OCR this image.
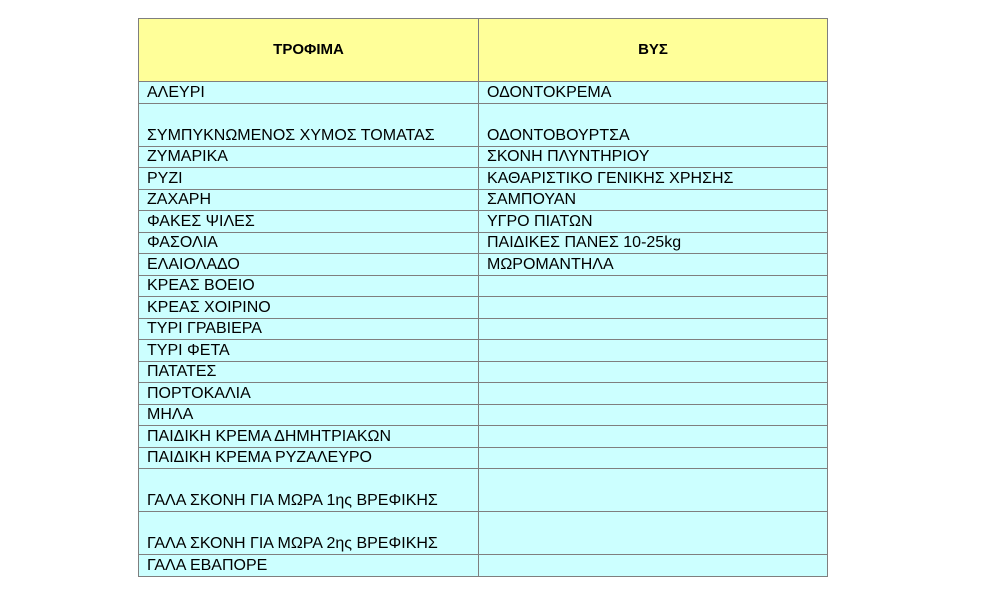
ΤΡΟΦΙΜΑ	ΒΥΣ
ΑΛΕΥΡΙ	ΟΔΟΝΤΟΚΡΕΜΑ
ΣΥΜΠΥΚΝΩΜΕΝΟΣ ΧΥΜΟΣ ΤΟΜΑΤΑΣ	ΟΔΟΝΤΟΒΟΥΡΤΣΑ
ΖΥΜΑΡΙΚΑ	ΣΚΟΝΗ ΠΛΥΝΤΗΡΙΟΥ
ΡΥΖΙ	ΚΑΘΑΡΙΣΤΙΚΟ ΓΕΝΙΚΗΣ ΧΡΗΣΗΣ
ΖΑΧΑΡΗ	ΣΑΜΠΟΥΑΝ
ΦΑΚΕΣ ΨΙΛΕΣ	ΥΓΡΟ ΠΙΑΤΩΝ
ΦΑΣΟΛΙΑ	ΠΑΙΔΙΚΕΣ ΠΑΝΕΣ 10-25kg
ΕΛΑΙΟΛΑΔΟ	ΜΩΡΟΜΑΝΤΗΛΑ
ΚΡΕΑΣ ΒΟΕΙΟ	
ΚΡΕΑΣ ΧΟΙΡΙΝΟ	
ΤΥΡΙ ΓΡΑΒΙΕΡΑ	
ΤΥΡΙ ΦΕΤΑ	
ΠΑΤΑΤΕΣ	
ΠΟΡΤΟΚΑΛΙΑ	
ΜΗΛΑ	
ΠΑΙΔΙΚΗ ΚΡΕΜΑ ΔΗΜΗΤΡΙΑΚΩΝ	
ΠΑΙΔΙΚΗ ΚΡΕΜΑ ΡΥΖΑΛΕΥΡΟ	
ΓΑΛΑ ΣΚΟΝΗ ΓΙΑ ΜΩΡΑ 1ης ΒΡΕΦΙΚΗΣ	
ΓΑΛΑ ΣΚΟΝΗ ΓΙΑ ΜΩΡΑ 2ης ΒΡΕΦΙΚΗΣ	
ΓΑΛΑ ΕΒΑΠΟΡΕ	
